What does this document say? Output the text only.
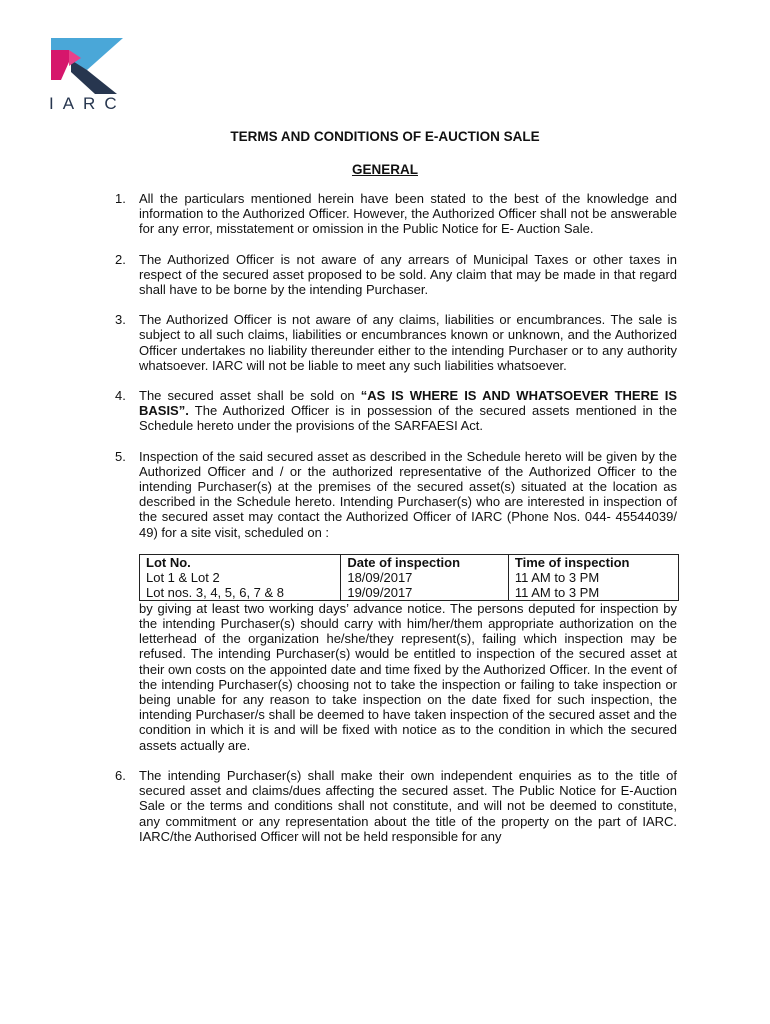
IARC
TERMS AND CONDITIONS OF E-AUCTION SALE
GENERAL
1.	All the particulars mentioned herein have been stated to the best of the knowledge and information to the Authorized Officer. However, the Authorized Officer shall not be answerable for any error, misstatement or omission in the Public Notice for E- Auction Sale.

2.	The Authorized Officer is not aware of any arrears of Municipal Taxes or other taxes in respect of the secured asset proposed to be sold. Any claim that may be made in that regard shall have to be borne by the intending Purchaser.

3.	The Authorized Officer is not aware of any claims, liabilities or encumbrances. The sale is subject to all such claims, liabilities or encumbrances known or unknown, and the Authorized Officer undertakes no liability thereunder either to the intending Purchaser or to any authority whatsoever. IARC will not be liable to meet any such liabilities whatsoever.

4.	The secured asset shall be sold on “AS IS WHERE IS AND WHATSOEVER THERE IS BASIS”. The Authorized Officer is in possession of the secured assets mentioned in the Schedule hereto under the provisions of the SARFAESI Act.

5.	Inspection of the said secured asset as described in the Schedule hereto will be given by the Authorized Officer and / or the authorized representative of the Authorized Officer to the intending Purchaser(s) at the premises of the secured asset(s) situated at the location as described in the Schedule hereto. Intending Purchaser(s) who are interested in inspection of the secured asset may contact the Authorized Officer of IARC (Phone Nos. 044- 45544039/ 49) for a site visit, scheduled on :

Lot No.	Date of inspection	Time of inspection
Lot 1 & Lot 2	18/09/2017	11 AM to 3 PM
Lot nos. 3, 4, 5, 6, 7 & 8	19/09/2017	11 AM to 3 PM

by giving at least two working days’ advance notice. The persons deputed for inspection by the intending Purchaser(s) should carry with him/her/them appropriate authorization on the letterhead of the organization he/she/they represent(s), failing which inspection may be refused. The intending Purchaser(s) would be entitled to inspection of the secured asset at their own costs on the appointed date and time fixed by the Authorized Officer. In the event of the intending Purchaser(s) choosing not to take the inspection or failing to take inspection or being unable for any reason to take inspection on the date fixed for such inspection, the intending Purchaser/s shall be deemed to have taken inspection of the secured asset and the condition in which it is and will be fixed with notice as to the condition in which the secured assets actually are.

6.	The intending Purchaser(s) shall make their own independent enquiries as to the title of secured asset and claims/dues affecting the secured asset. The Public Notice for E-Auction Sale or the terms and conditions shall not constitute, and will not be deemed to constitute, any commitment or any representation about the title of the property on the part of IARC. IARC/the Authorised Officer will not be held responsible for any
